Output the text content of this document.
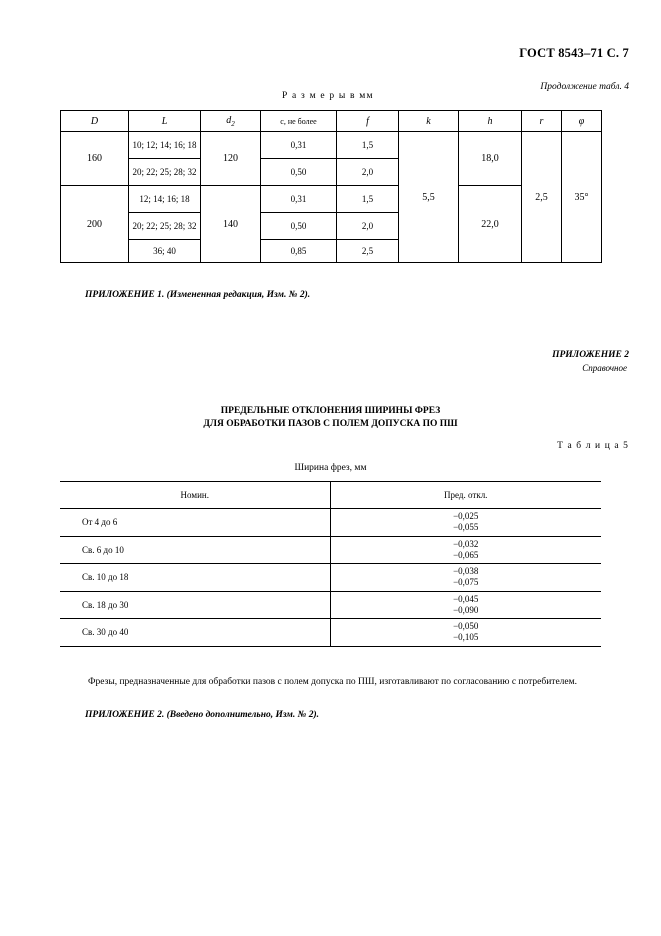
ГОСТ 8543–71 С. 7
Продолжение табл. 4
Р а з м е р ы в мм
D	L	$d_2$	c, не более	f	k	h	r	φ
160	10; 12; 14; 16; 18	120	0,31	1,5	5,5	18,0	2,5	35°
	20; 22; 25; 28; 32		0,50	2,0				
200	12; 14; 16; 18	140	0,31	1,5		22,0		
	20; 22; 25; 28; 32		0,50	2,0				
	36; 40		0,85	2,5				
ПРИЛОЖЕНИЕ 1. (Измененная редакция, Изм. № 2).
ПРИЛОЖЕНИЕ 2
Справочное
ПРЕДЕЛЬНЫЕ ОТКЛОНЕНИЯ ШИРИНЫ ФРЕЗ
ДЛЯ ОБРАБОТКИ ПАЗОВ С ПОЛЕМ ДОПУСКА ПО ПШ
Т а б л и ц а 5
Ширина фрез, мм
Номин.	Пред. откл.
От 4 до 6	−0,025
−0,055

Св. 6 до 10	−0,032
−0,065

Св. 10 до 18	−0,038
−0,075

Св. 18 до 30	−0,045
−0,090

Св. 30 до 40	−0,050
−0,105
Фрезы, предназначенные для обработки пазов с полем допуска по ПШ, изготавливают по согласованию с потребителем.
ПРИЛОЖЕНИЕ 2. (Введено дополнительно, Изм. № 2).
